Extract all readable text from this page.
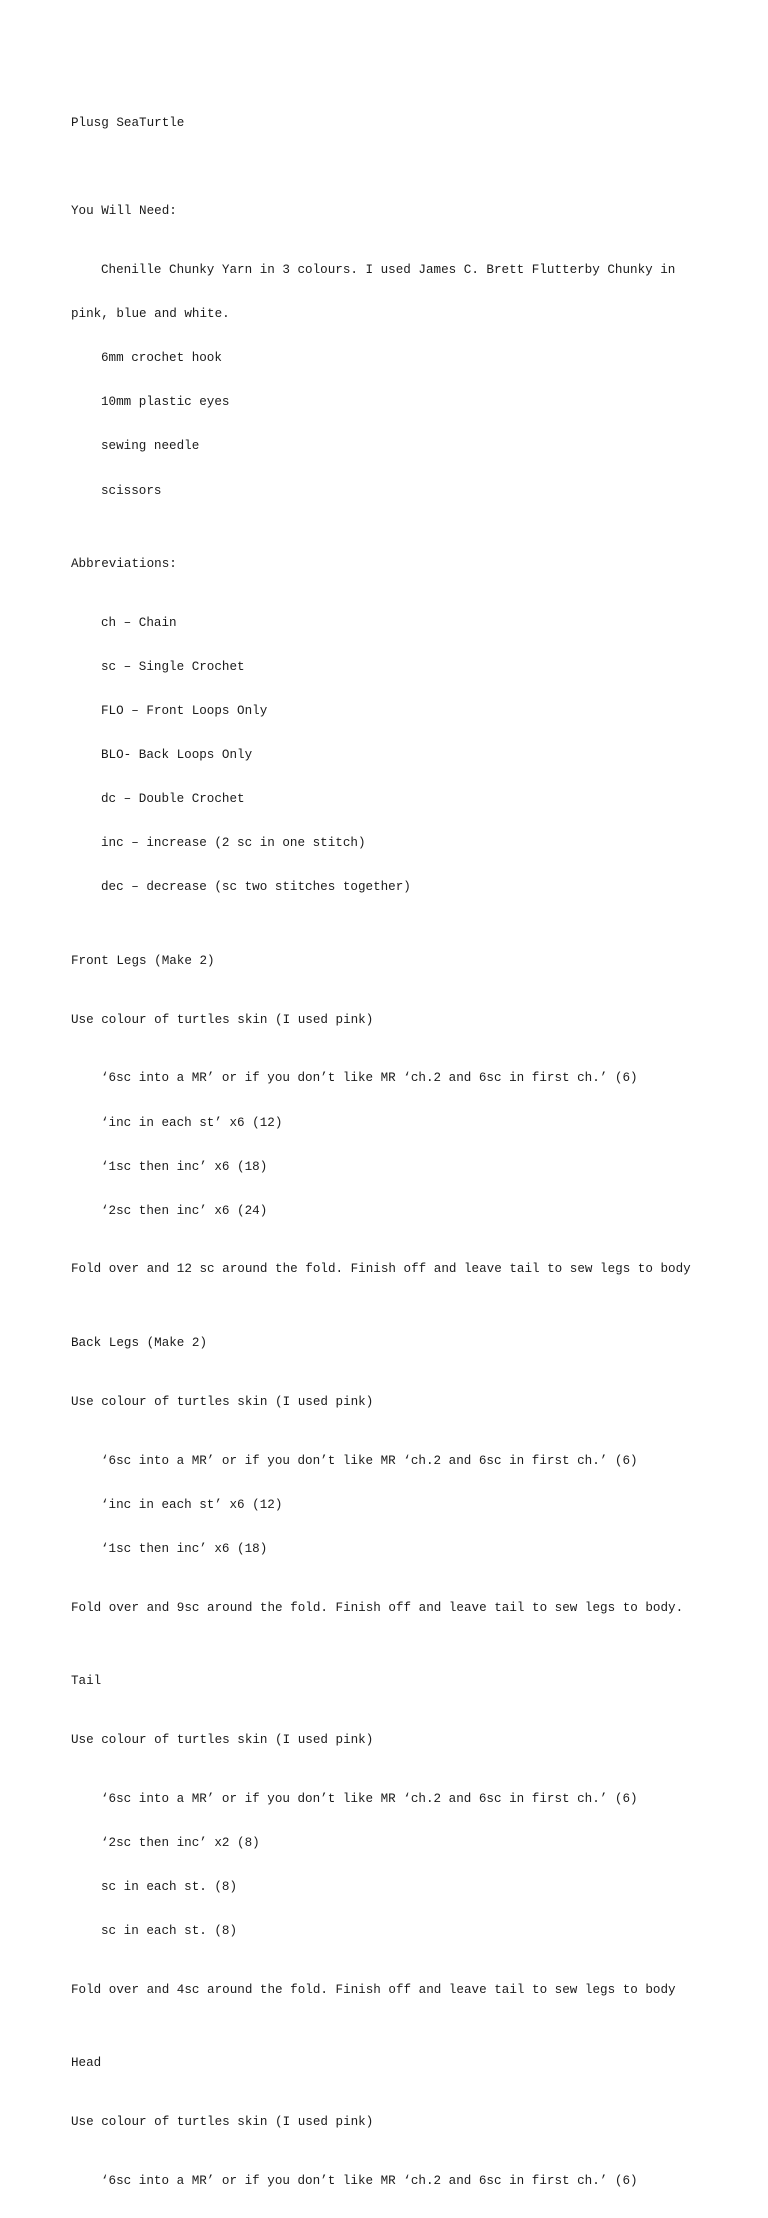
Plusg SeaTurtle

You Will Need:

Chenille Chunky Yarn in 3 colours. I used James C. Brett Flutterby Chunky in

pink, blue and white.

6mm crochet hook

10mm plastic eyes

sewing needle

scissors

Abbreviations:

ch – Chain

sc – Single Crochet

FLO – Front Loops Only

BLO- Back Loops Only

dc – Double Crochet

inc – increase (2 sc in one stitch)

dec – decrease (sc two stitches together)

Front Legs (Make 2)

Use colour of turtles skin (I used pink)

‘6sc into a MR’ or if you don’t like MR ‘ch.2 and 6sc in first ch.’ (6)

‘inc in each st’ x6 (12)

‘1sc then inc’ x6 (18)

‘2sc then inc’ x6 (24)

Fold over and 12 sc around the fold. Finish off and leave tail to sew legs to body

Back Legs (Make 2)

Use colour of turtles skin (I used pink)

‘6sc into a MR’ or if you don’t like MR ‘ch.2 and 6sc in first ch.’ (6)

‘inc in each st’ x6 (12)

‘1sc then inc’ x6 (18)

Fold over and 9sc around the fold. Finish off and leave tail to sew legs to body.

Tail

Use colour of turtles skin (I used pink)

‘6sc into a MR’ or if you don’t like MR ‘ch.2 and 6sc in first ch.’ (6)

‘2sc then inc’ x2 (8)

sc in each st. (8)

sc in each st. (8)

Fold over and 4sc around the fold. Finish off and leave tail to sew legs to body

Head

Use colour of turtles skin (I used pink)

‘6sc into a MR’ or if you don’t like MR ‘ch.2 and 6sc in first ch.’ (6)
